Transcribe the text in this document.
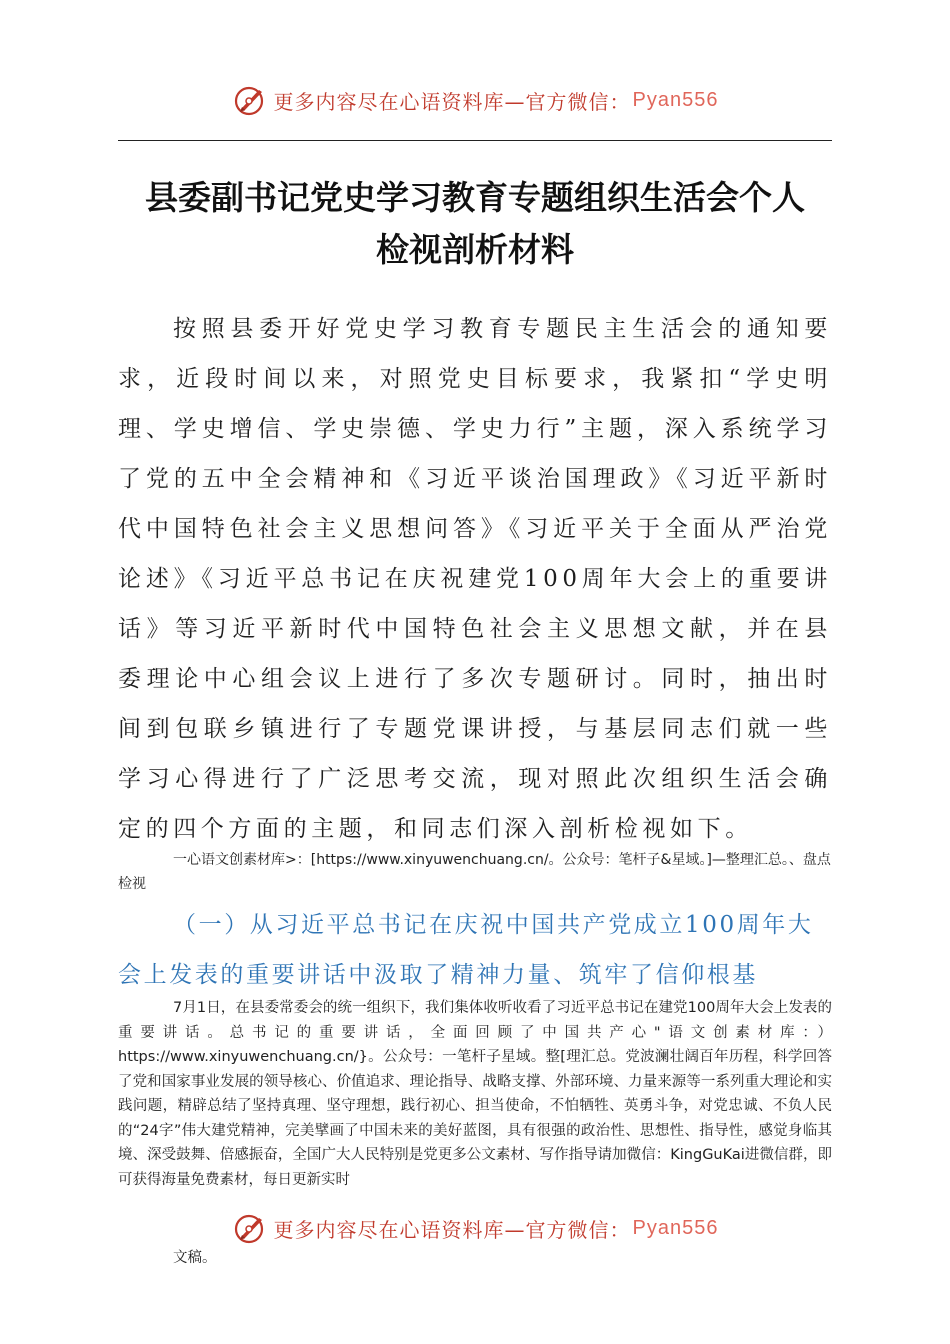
更多内容尽在心语资料库—官方微信： Pyan556
县委副书记党史学习教育专题组织生活会个人
检视剖析材料

按照县委开好党史学习教育专题民主生活会的通知要求，近段时间以来，对照党史目标要求，我紧扣“学史明理、学史增信、学史崇德、学史力行”主题，深入系统学习了党的五中全会精神和《习近平谈治国理政》《习近平新时代中国特色社会主义思想问答》《习近平关于全面从严治党论述》《习近平总书记在庆祝建党100周年大会上的重要讲话》等习近平新时代中国特色社会主义思想文献，并在县委理论中心组会议上进行了多次专题研讨。同时，抽出时间到包联乡镇进行了专题党课讲授，与基层同志们就一些学习心得进行了广泛思考交流，现对照此次组织生活会确定的四个方面的主题，和同志们深入剖析检视如下。

一心语文创素材库>：[https://www.xinyuwenchuang.cn/。公众号：笔杆子&星域。]—整理汇总。、盘点检视

（一）从习近平总书记在庆祝中国共产党成立100周年大会上发表的重要讲话中汲取了精神力量、筑牢了信仰根基

7月1日，在县委常委会的统一组织下，我们集体收听收看了习近平总书记在建党100周年大会上发表的重要讲话。总书记的重要讲话，全面回顾了中国共产心"语文创素材库：）https://www.xinyuwenchuang.cn/}。公众号：一笔杆子星域。整[理汇总。党波澜壮阔百年历程，科学回答了党和国家事业发展的领导核心、价值追求、理论指导、战略支撑、外部环境、力量来源等一系列重大理论和实践问题，精辟总结了坚持真理、坚守理想，践行初心、担当使命，不怕牺牲、英勇斗争，对党忠诚、不负人民的“24字”伟大建党精神，完美擘画了中国未来的美好蓝图，具有很强的政治性、思想性、指导性，感觉身临其境、深受鼓舞、倍感振奋，全国广大人民特别是党更多公文素材、写作指导请加微信：KingGuKai进微信群，即可获得海量免费素材，每日更新实时

更多内容尽在心语资料库—官方微信： Pyan556
文稿。
